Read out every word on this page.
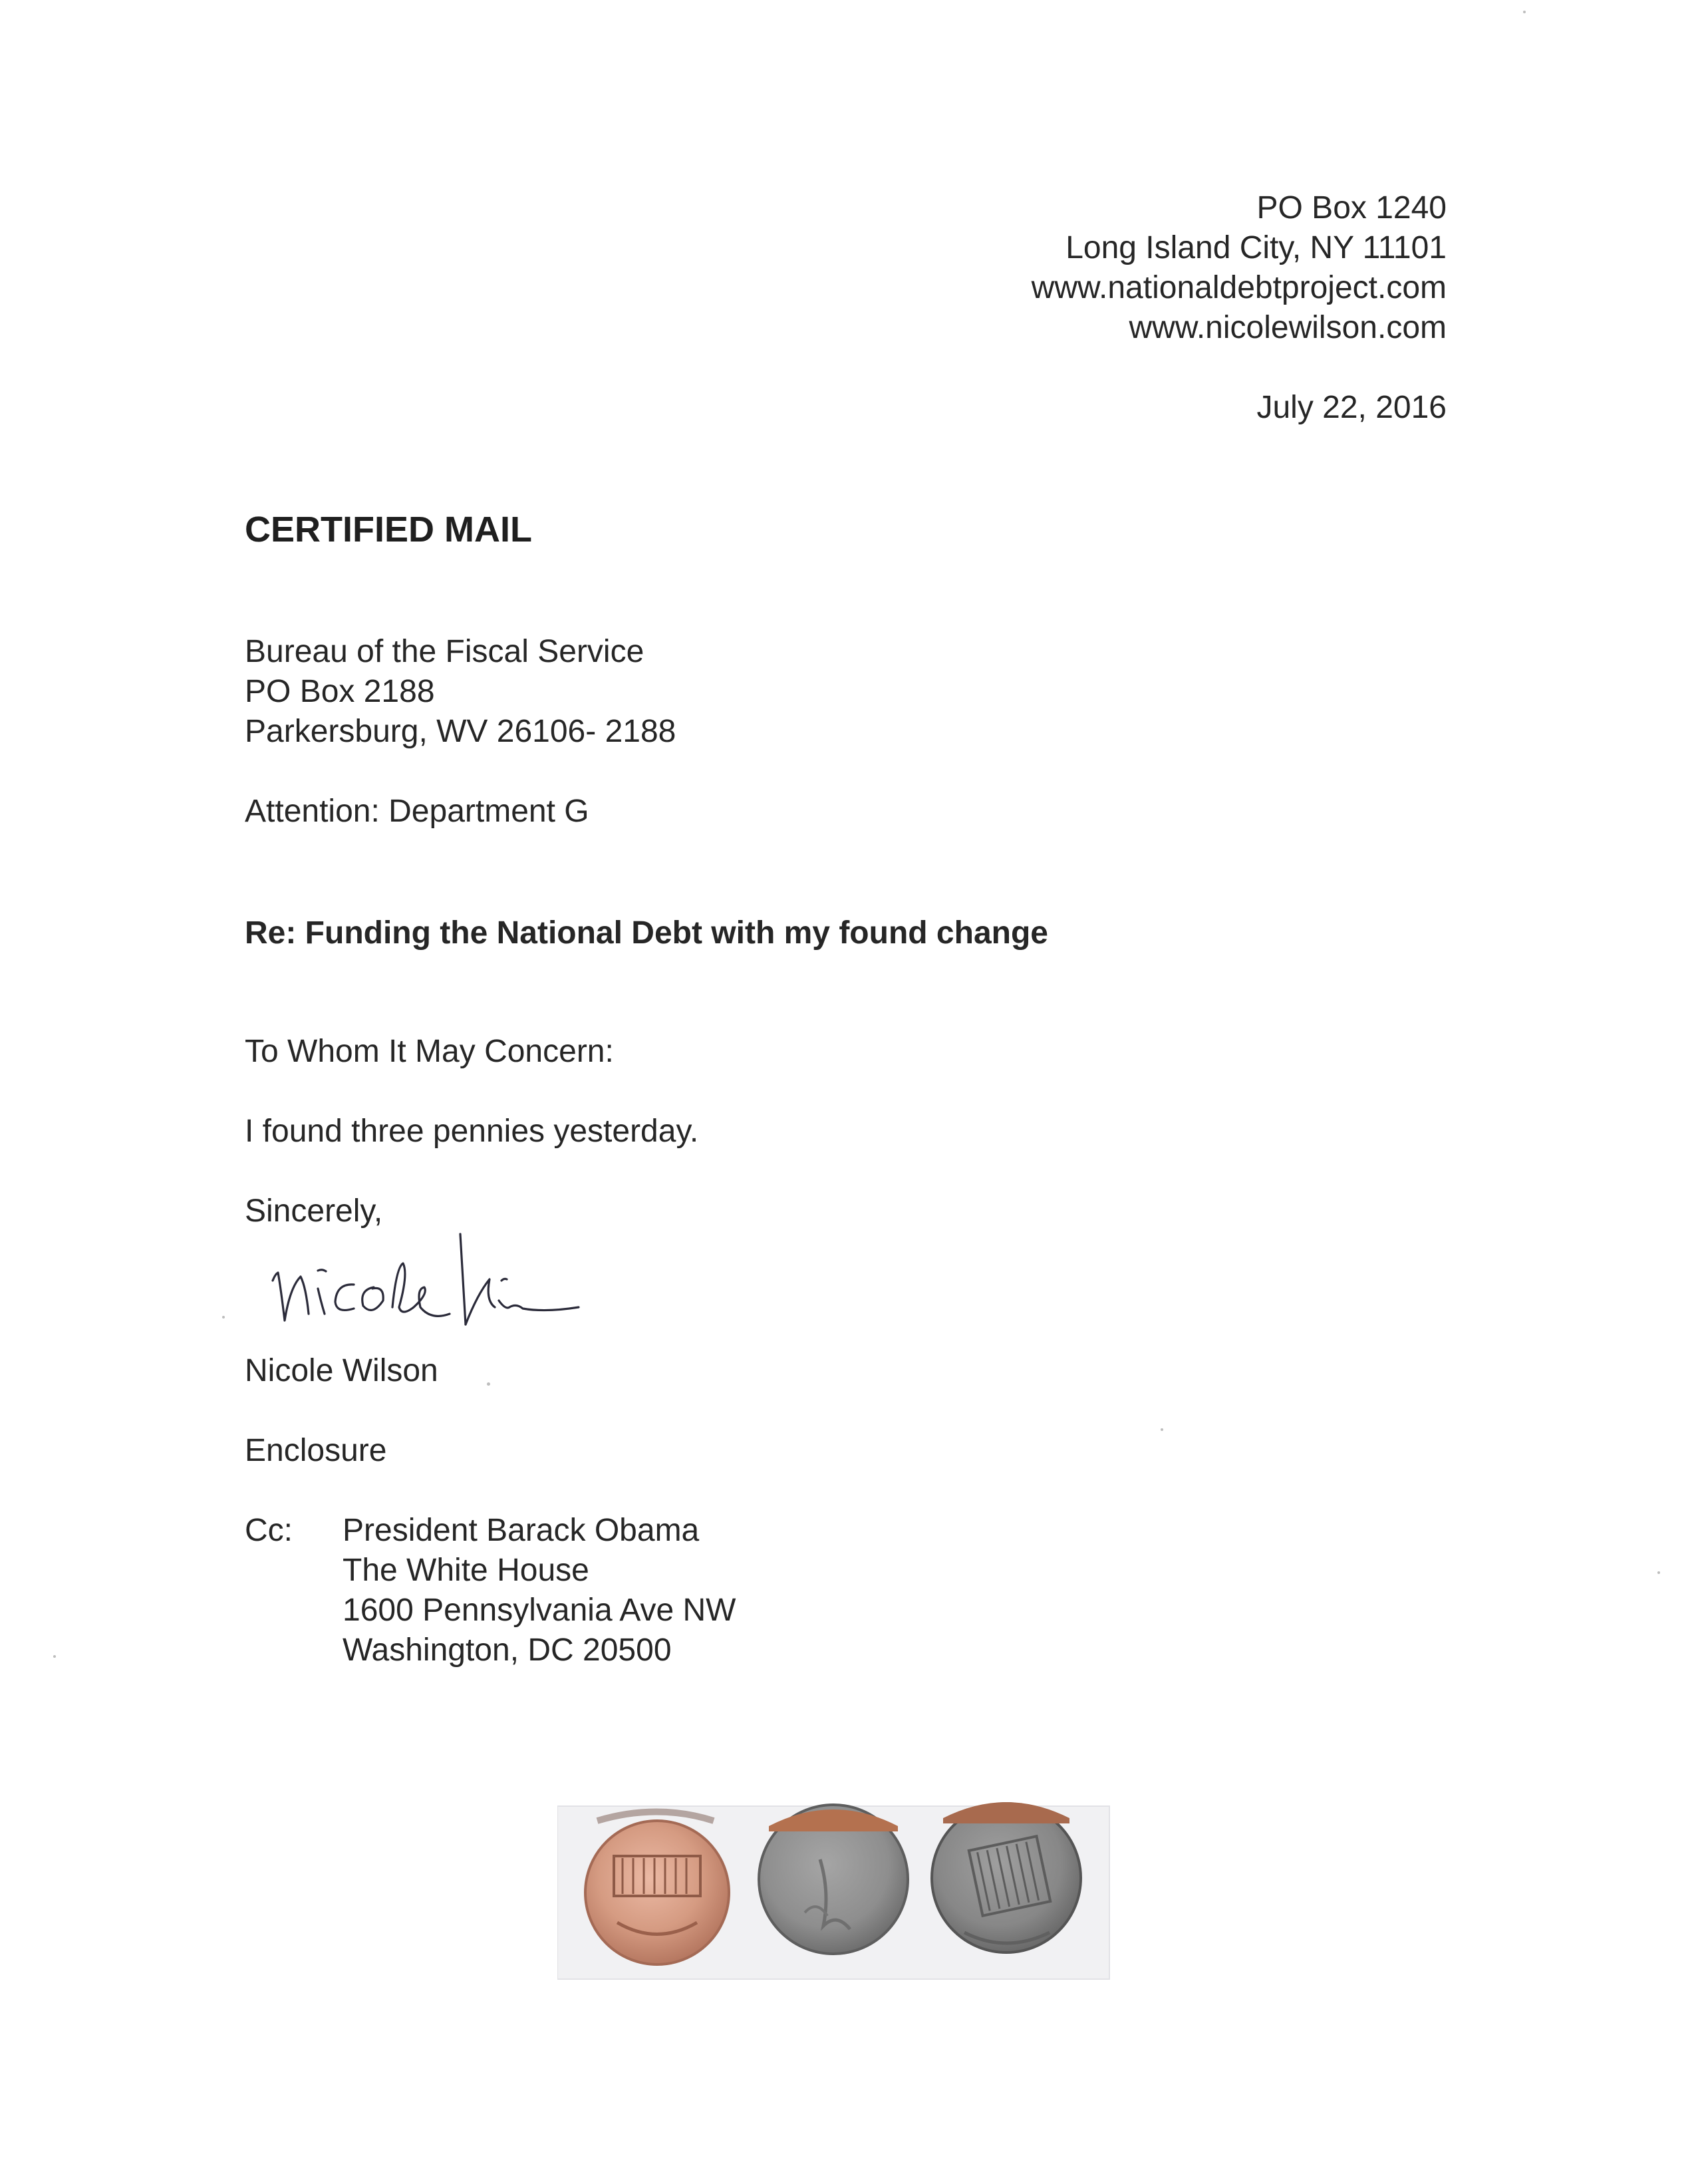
PO Box 1240
Long Island City, NY 11101
www.nationaldebtproject.com
www.nicolewilson.com
July 22, 2016
CERTIFIED MAIL
Bureau of the Fiscal Service
PO Box 2188
Parkersburg, WV 26106- 2188
Attention: Department G
Re: Funding the National Debt with my found change
To Whom It May Concern:
I found three pennies yesterday.
Sincerely,
Nicole Wilson
Enclosure
Cc: President Barack Obama
The White House
1600 Pennsylvania Ave NW
Washington, DC 20500
